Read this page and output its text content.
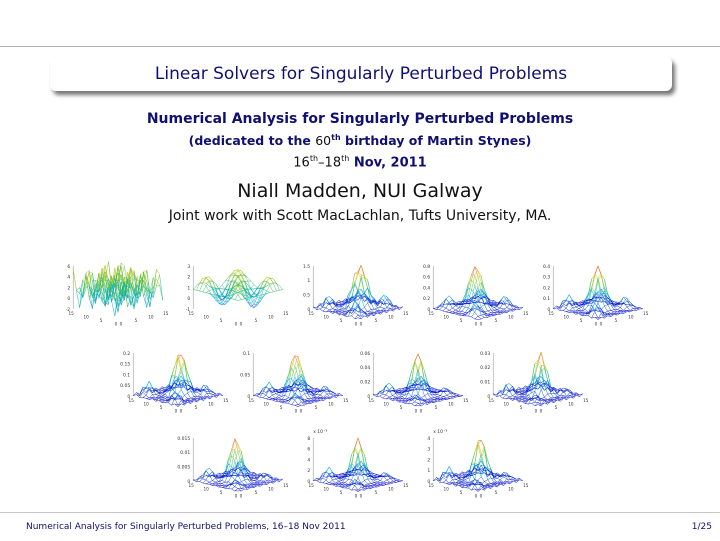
Linear Solvers for Singularly Perturbed Problems
Numerical Analysis for Singularly Perturbed Problems
(dedicated to the 60th birthday of Martin Stynes)
16th–18th Nov, 2011
Niall Madden, NUI Galway
Joint work with Scott MacLachlan, Tufts University, MA.
6
4
2
0
-2
15
10
5
0 0
5
10
15
3
2
1
0
-1
15
10
5
0 0
5
10
15
1.5
1
0.5
0
15
10
5
0 0
5
10
15
0.8
0.6
0.4
0.2
0
15
10
5
0 0
5
10
15
0.4
0.3
0.2
0.1
0
15
10
5
0 0
5
10
15
0.2
0.15
0.1
0.05
0
15
10
5
0 0
5
10
15
0.1
0.05
0
15
10
5
0 0
5
10
15
0.06
0.04
0.02
0
15
10
5
0 0
5
10
15
0.03
0.02
0.01
0
15
10
5
0 0
5
10
15
0.015
0.01
0.005
0
15
10
5
0 0
5
10
15
8
6
4
2
0
x 10⁻³
15
10
5
0 0
5
10
15
4
3
2
1
0
x 10⁻³
15
10
5
0 0
5
10
15
Numerical Analysis for Singularly Perturbed Problems, 16–18 Nov 2011	1/25
